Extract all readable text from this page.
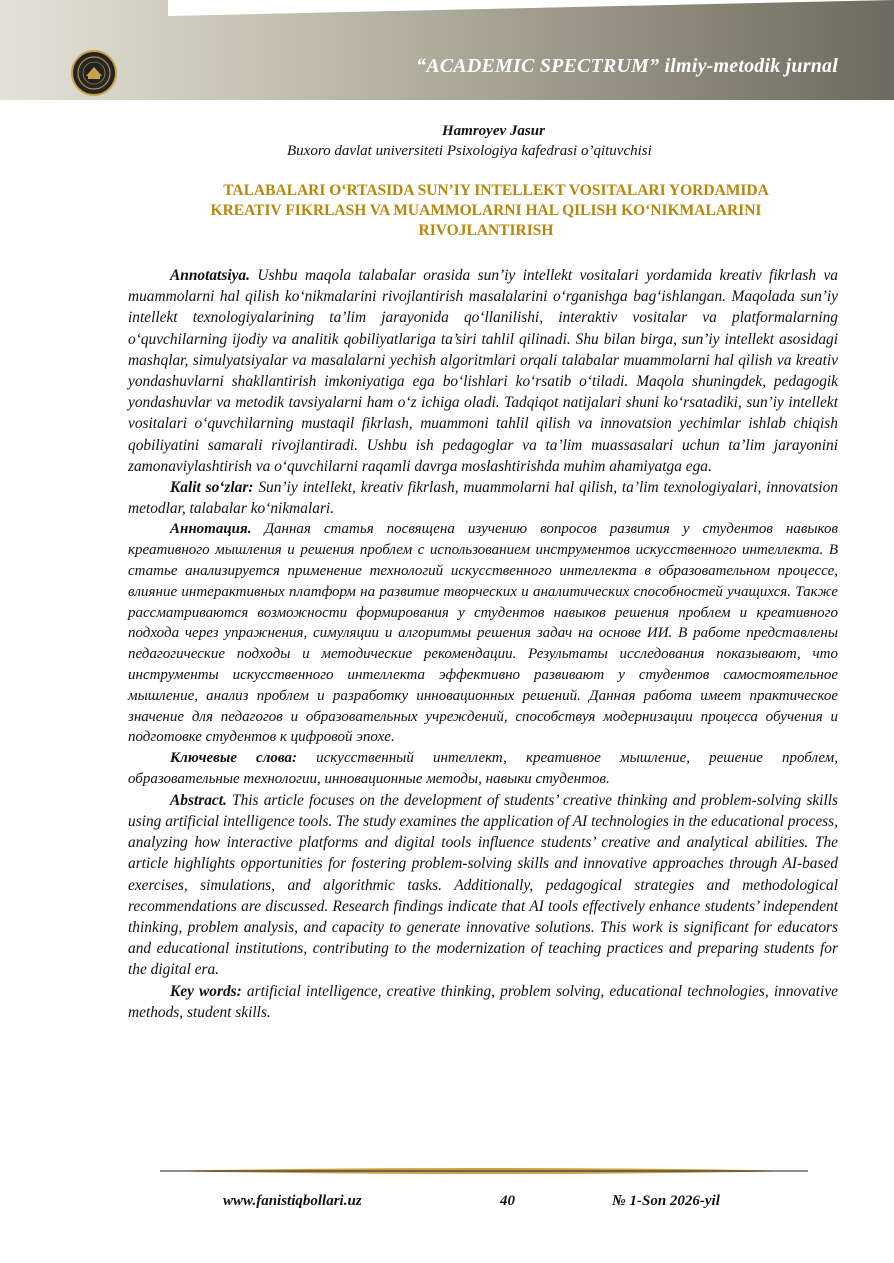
“ACADEMIC SPECTRUM” ilmiy-metodik jurnal
Hamroyev Jasur
Buxoro davlat universiteti Psixologiya kafedrasi o’qituvchisi
TALABALARI O‘RTASIDA SUN’IY INTELLEKT VOSITALARI YORDAMIDA
KREATIV FIKRLASH VA MUAMMOLARNI HAL QILISH KO‘NIKMALARINI
RIVOJLANTIRISH

Annotatsiya. Ushbu maqola talabalar orasida sun’iy intellekt vositalari yordamida kreativ fikrlash va muammolarni hal qilish ko‘nikmalarini rivojlantirish masalalarini o‘rganishga bag‘ishlangan. Maqolada sun’iy intellekt texnologiyalarining ta’lim jarayonida qo‘llanilishi, interaktiv vositalar va platformalarning o‘quvchilarning ijodiy va analitik qobiliyatlariga ta’siri tahlil qilinadi. Shu bilan birga, sun’iy intellekt asosidagi mashqlar, simulyatsiyalar va masalalarni yechish algoritmlari orqali talabalar muammolarni hal qilish va kreativ yondashuvlarni shakllantirish imkoniyatiga ega bo‘lishlari ko‘rsatib o‘tiladi. Maqola shuningdek, pedagogik yondashuvlar va metodik tavsiyalarni ham o‘z ichiga oladi. Tadqiqot natijalari shuni ko‘rsatadiki, sun’iy intellekt vositalari o‘quvchilarning mustaqil fikrlash, muammoni tahlil qilish va innovatsion yechimlar ishlab chiqish qobiliyatini samarali rivojlantiradi. Ushbu ish pedagoglar va ta’lim muassasalari uchun ta’lim jarayonini zamonaviylashtirish va o‘quvchilarni raqamli davrga moslashtirishda muhim ahamiyatga ega.

Kalit so‘zlar: Sun’iy intellekt, kreativ fikrlash, muammolarni hal qilish, ta’lim texnologiyalari, innovatsion metodlar, talabalar ko‘nikmalari.

Аннотация. Данная статья посвящена изучению вопросов развития у студентов навыков креативного мышления и решения проблем с использованием инструментов искусственного интеллекта. В статье анализируется применение технологий искусственного интеллекта в образовательном процессе, влияние интерактивных платформ на развитие творческих и аналитических способностей учащихся. Также рассматриваются возможности формирования у студентов навыков решения проблем и креативного подхода через упражнения, симуляции и алгоритмы решения задач на основе ИИ. В работе представлены педагогические подходы и методические рекомендации. Результаты исследования показывают, что инструменты искусственного интеллекта эффективно развивают у студентов самостоятельное мышление, анализ проблем и разработку инновационных решений. Данная работа имеет практическое значение для педагогов и образовательных учреждений, способствуя модернизации процесса обучения и подготовке студентов к цифровой эпохе.

Ключевые слова: искусственный интеллект, креативное мышление, решение проблем, образовательные технологии, инновационные методы, навыки студентов.

Abstract. This article focuses on the development of students’ creative thinking and problem-solving skills using artificial intelligence tools. The study examines the application of AI technologies in the educational process, analyzing how interactive platforms and digital tools influence students’ creative and analytical abilities. The article highlights opportunities for fostering problem-solving skills and innovative approaches through AI-based exercises, simulations, and algorithmic tasks. Additionally, pedagogical strategies and methodological recommendations are discussed. Research findings indicate that AI tools effectively enhance students’ independent thinking, problem analysis, and capacity to generate innovative solutions. This work is significant for educators and educational institutions, contributing to the modernization of teaching practices and preparing students for the digital era.

Key words: artificial intelligence, creative thinking, problem solving, educational technologies, innovative methods, student skills.

www.fanistiqbollari.uz	40	№ 1-Son 2026-yil
